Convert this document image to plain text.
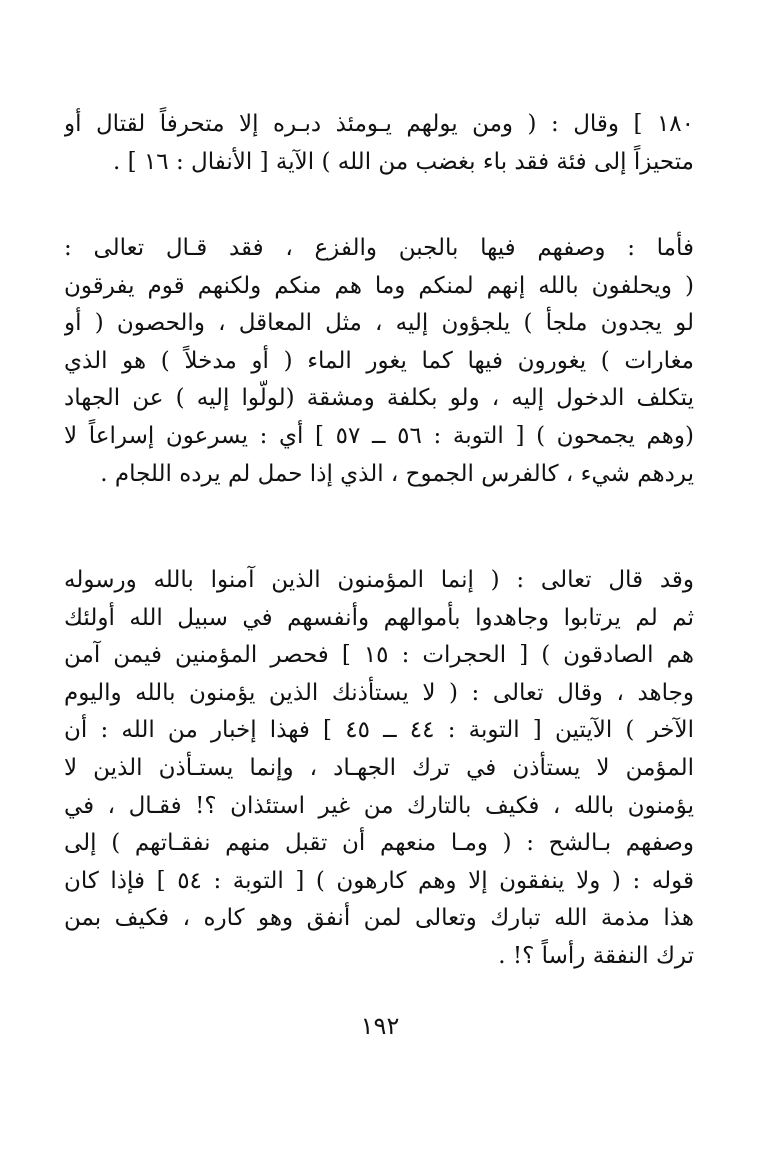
١٨٠ ] وقال : ( ومن يولهم يـومئذ دبـره إلا متحرفاً لقتال أو
متحيزاً إلى فئة فقد باء بغضب من الله ) الآية [ الأنفال : ١٦ ] .
فأما : وصفهم فيها بالجبن والفزع ، فقد قـال تعالى :
( ويحلفون بالله إنهم لمنكم وما هم منكم ولكنهم قوم يفرقون
لو يجدون ملجأ ) يلجؤون إليه ، مثل المعاقل ، والحصون ( أو
مغارات ) يغورون فيها كما يغور الماء ( أو مدخلاً ) هو الذي
يتكلف الدخول إليه ، ولو بكلفة ومشقة (لولّوا إليه ) عن الجهاد
(وهم يجمحون ) [ التوبة : ٥٦ ــ ٥٧ ] أي : يسرعون إسراعاً لا
يردهم شيء ، كالفرس الجموح ، الذي إذا حمل لم يرده اللجام .
وقد قال تعالى : ( إنما المؤمنون الذين آمنوا بالله ورسوله
ثم لم يرتابوا وجاهدوا بأموالهم وأنفسهم في سبيل الله أولئك
هم الصادقون ) [ الحجرات : ١٥ ] فحصر المؤمنين فيمن آمن
وجاهد ، وقال تعالى : ( لا يستأذنك الذين يؤمنون بالله واليوم
الآخر ) الآيتين [ التوبة : ٤٤ ــ ٤٥ ] فهذا إخبار من الله : أن
المؤمن لا يستأذن في ترك الجهـاد ، وإنما يستـأذن الذين لا
يؤمنون بالله ، فكيف بالتارك من غير استئذان ؟! فقـال ، في
وصفهم بـالشح : ( ومـا منعهم أن تقبل منهم نفقـاتهم ) إلى
قوله : ( ولا ينفقون إلا وهم كارهون ) [ التوبة : ٥٤ ] فإذا كان
هذا مذمة الله تبارك وتعالى لمن أنفق وهو كاره ، فكيف بمن
ترك النفقة رأساً ؟! .
١٩٢
